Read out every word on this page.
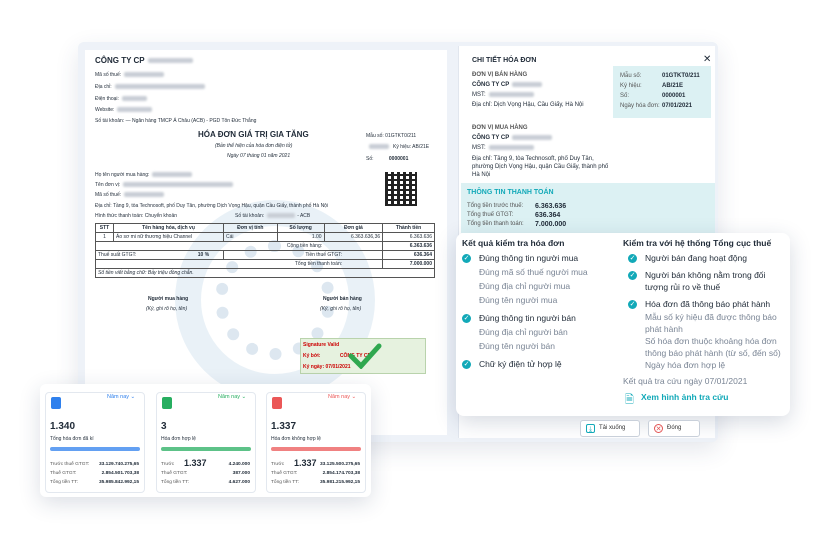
CÔNG TY CP
Mã số thuế:
Địa chỉ:
Điện thoại:
Website:
Số tài khoản: — Ngân hàng TMCP Á Châu (ACB) - PGD Tôn Đức Thắng
HÓA ĐƠN GIÁ TRỊ GIA TĂNG
(Bản thể hiện của hóa đơn điện tử)
Ngày 07 tháng 01 năm 2021
Mẫu số: 01GTKT0/211
Ký hiệu: AB/21E
Số:	0000001
Họ tên người mua hàng:
Tên đơn vị:
Mã số thuế:
Địa chỉ: Tầng 9, tòa Technosoft, phố Duy Tân, phường Dịch Vọng Hậu, quận Cầu Giấy, thành phố Hà Nội
Hình thức thanh toán: Chuyển khoản	Số tài khoản:	- ACB
STT	Tên hàng hóa, dịch vụ	Đơn vị tính	Số lượng	Đơn giá	Thành tiền
1	Áo sơ mi nữ thương hiệu Channel	Cái	1.00	6.363.636,36	6.363.636
Cộng tiền hàng:					6.363.636
Thuế suất GTGT: 10 %		Tiền thuế GTGT:			636.364
Tổng tiền thanh toán:					7.000.000
Số tiền viết bằng chữ: Bảy triệu đồng chẵn.					
Người mua hàng
(Ký, ghi rõ họ, tên)
Người bán hàng
(Ký, ghi rõ họ, tên)
Signature Valid
Ký bởi:	CÔNG TY CP
Ký ngày: 07/01/2021
CHI TIẾT HÓA ĐƠN	✕
ĐƠN VỊ BÁN HÀNG
CÔNG TY CP
MST:
Địa chỉ: Dịch Vọng Hậu, Cầu Giấy, Hà Nội
ĐƠN VỊ MUA HÀNG
CÔNG TY CP
MST:
Địa chỉ: Tầng 9, tòa Technosoft, phố Duy Tân, phường Dịch Vọng Hậu, quận Cầu Giấy, thành phố Hà Nội
Mẫu số:	01GTKT0/211
Ký hiệu:	AB/21E
Số:	0000001
Ngày hóa đơn: 07/01/2021
THÔNG TIN THANH TOÁN
Tổng tiền trước thuế: 6.363.636
Tổng thuế GTGT:	636.364
Tổng tiền thanh toán: 7.000.000
Kết quả kiểm tra hóa đơn
✓ Đúng thông tin người mua
Đúng mã số thuế người mua
Đúng địa chỉ người mua
Đúng tên người mua
✓ Đúng thông tin người bán
Đúng địa chỉ người bán
Đúng tên người bán
✓ Chữ ký điện tử hợp lệ
Kiểm tra với hệ thống Tổng cục thuế
✓ Người bán đang hoạt động
✓ Người bán không nằm trong đối
tượng rủi ro về thuế
✓ Hóa đơn đã thông báo phát hành
Mẫu số ký hiệu đã được thông báo
phát hành
Số hóa đơn thuộc khoảng hóa đơn
thông báo phát hành (từ số, đến số)
Ngày hóa đơn hợp lệ
Kết quả tra cứu ngày 07/01/2021
🗎 Xem hình ảnh tra cứu
⤓	Tải xuống	✕ Đóng
Năm nay ⌄
1.340
Tổng hóa đơn đã kí
Trước thuế GTGT:	33.129.740.275,65
Thuế GTGT:	2.854.501.703,38
Tổng tiền TT:	35.985.842.992,15
Năm nay ⌄
3
Hóa đơn hợp lệ
1.337
Trước	4.240.000
Thuế GTGT:	387.000
Tổng tiền TT:	4.627.000
Năm nay ⌄
1.337
Hóa đơn không hợp lệ
1.337
Trước	33.125.500.275,65
Thuế GTGT:	2.854.174.703,38
Tổng tiền TT:	35.981.215.992,15
